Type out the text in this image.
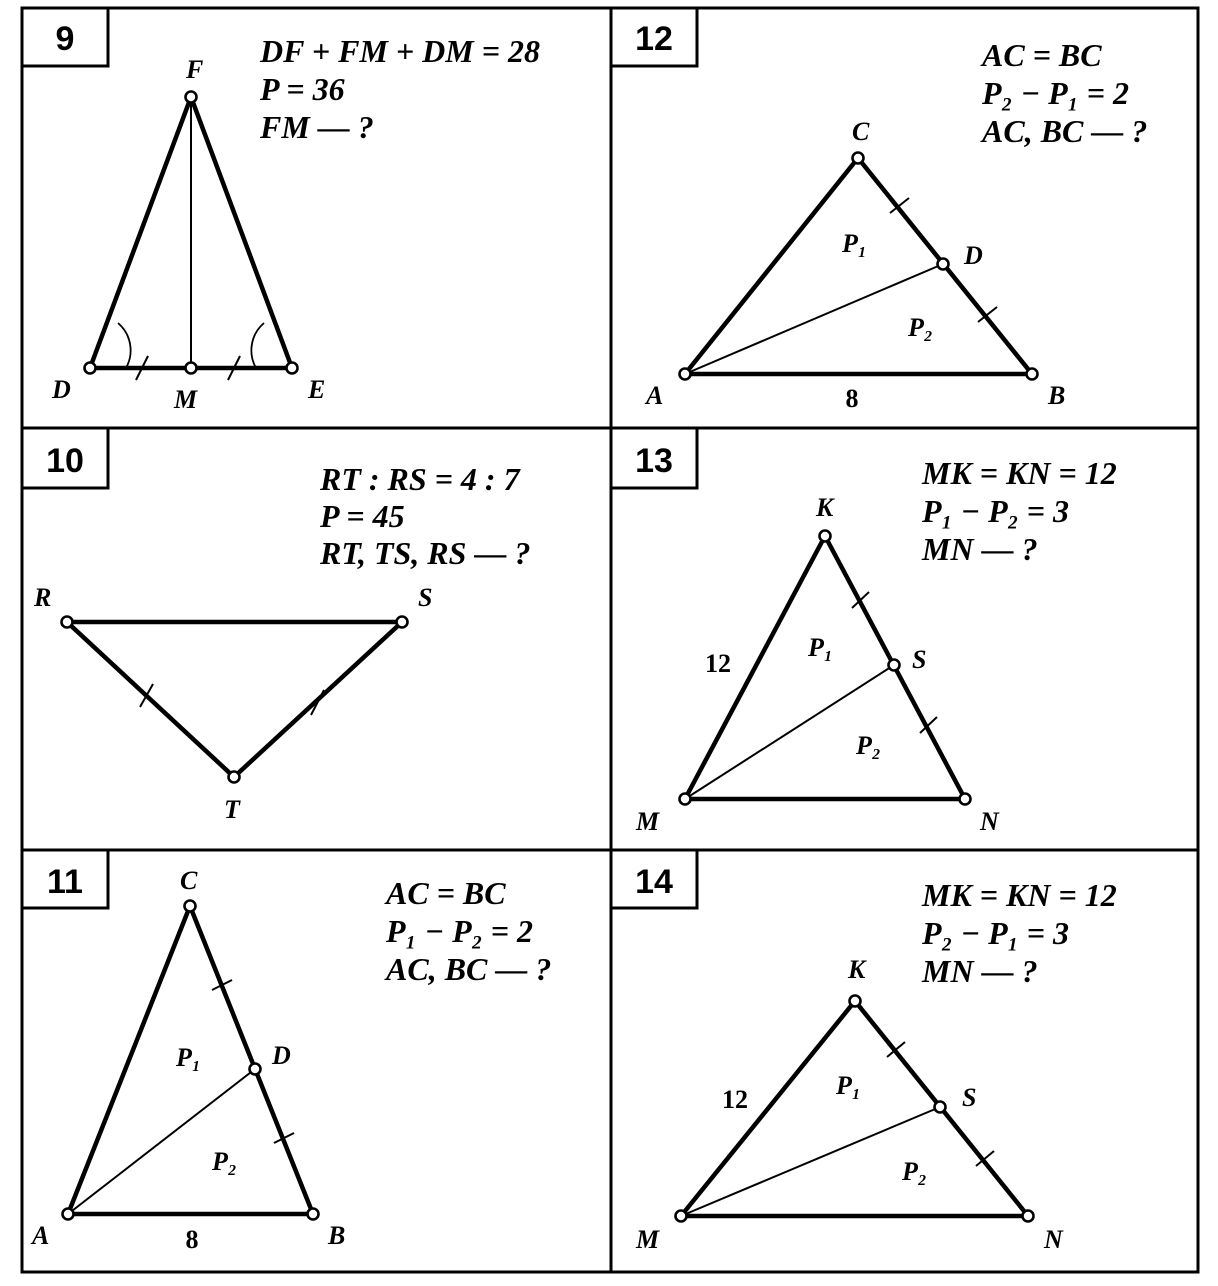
9	DF + FM + DM = 28
P = 36
FM — ?
F
D	M	E
12	AC = BC
P₂ − P₁ = 2
AC, BC — ?
C
D
A	B
P₁
P₂
8
10	RT : RS = 4 : 7
P = 45
RT, TS, RS — ?
R	S
T
13	MK = KN = 12
P₁ − P₂ = 3
MN — ?
K
S
M	N
P₁
P₂
12
11	AC = BC
P₁ − P₂ = 2
AC, BC — ?
C
D
A	B
P₁
P₂
8
14	MK = KN = 12
P₂ − P₁ = 3
MN — ?
K
S
M	N
P₁
P₂
12
